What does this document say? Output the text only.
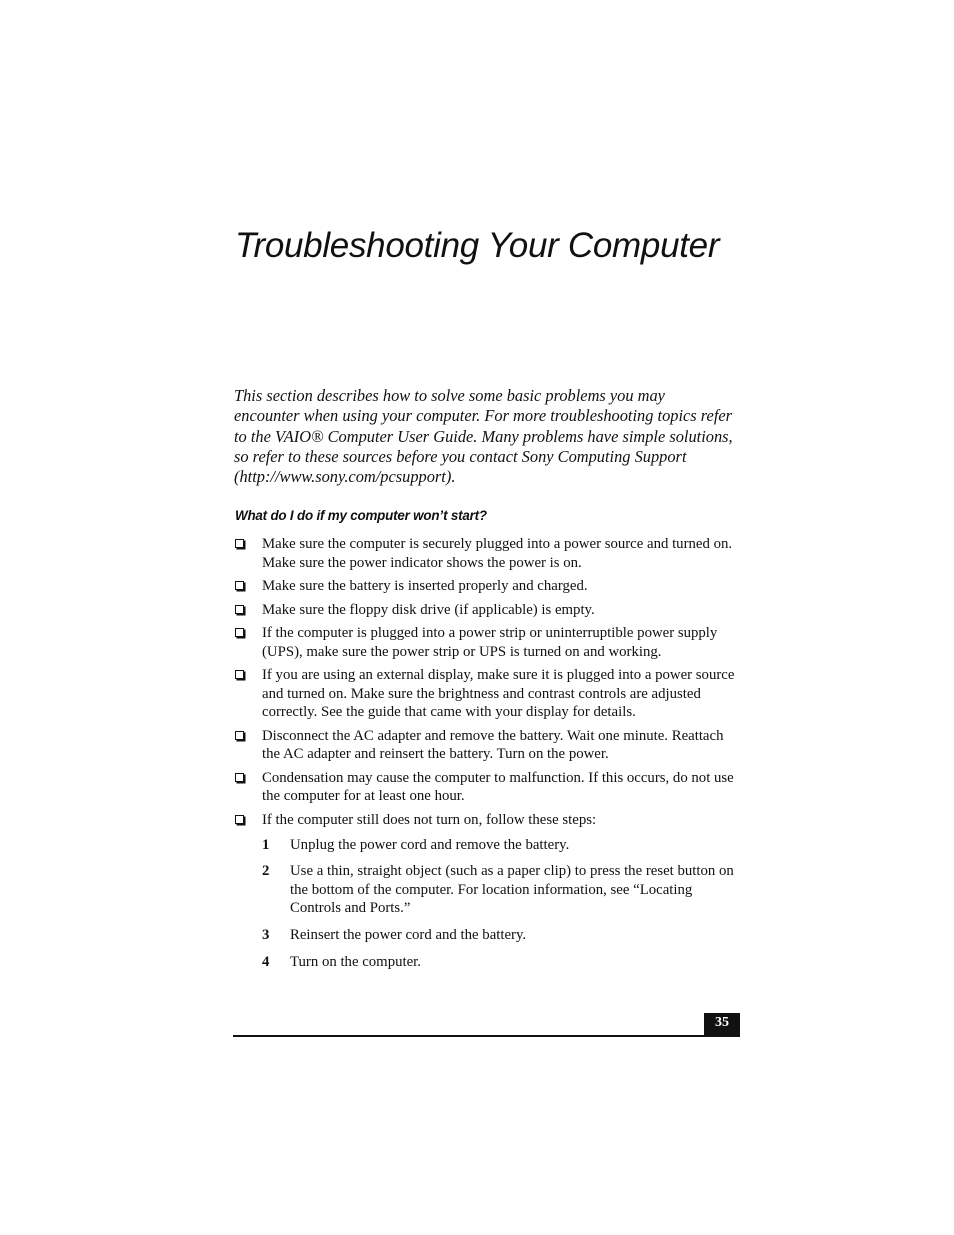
Troubleshooting Your Computer

This section describes how to solve some basic problems you may encounter when using your computer. For more troubleshooting topics refer to the VAIO® Computer User Guide. Many problems have simple solutions, so refer to these sources before you contact Sony Computing Support (http://www.sony.com/pcsupport).

What do I do if my computer won’t start?
Make sure the computer is securely plugged into a power source and turned on. Make sure the power indicator shows the power is on.
Make sure the battery is inserted properly and charged.
Make sure the floppy disk drive (if applicable) is empty.
If the computer is plugged into a power strip or uninterruptible power supply (UPS), make sure the power strip or UPS is turned on and working.
If you are using an external display, make sure it is plugged into a power source and turned on. Make sure the brightness and contrast controls are adjusted correctly. See the guide that came with your display for details.
Disconnect the AC adapter and remove the battery. Wait one minute. Reattach the AC adapter and reinsert the battery. Turn on the power.
Condensation may cause the computer to malfunction. If this occurs, do not use the computer for at least one hour.
If the computer still does not turn on, follow these steps:
1 Unplug the power cord and remove the battery.
2 Use a thin, straight object (such as a paper clip) to press the reset button on the bottom of the computer. For location information, see “Locating Controls and Ports.”
3 Reinsert the power cord and the battery.
4 Turn on the computer.
35
